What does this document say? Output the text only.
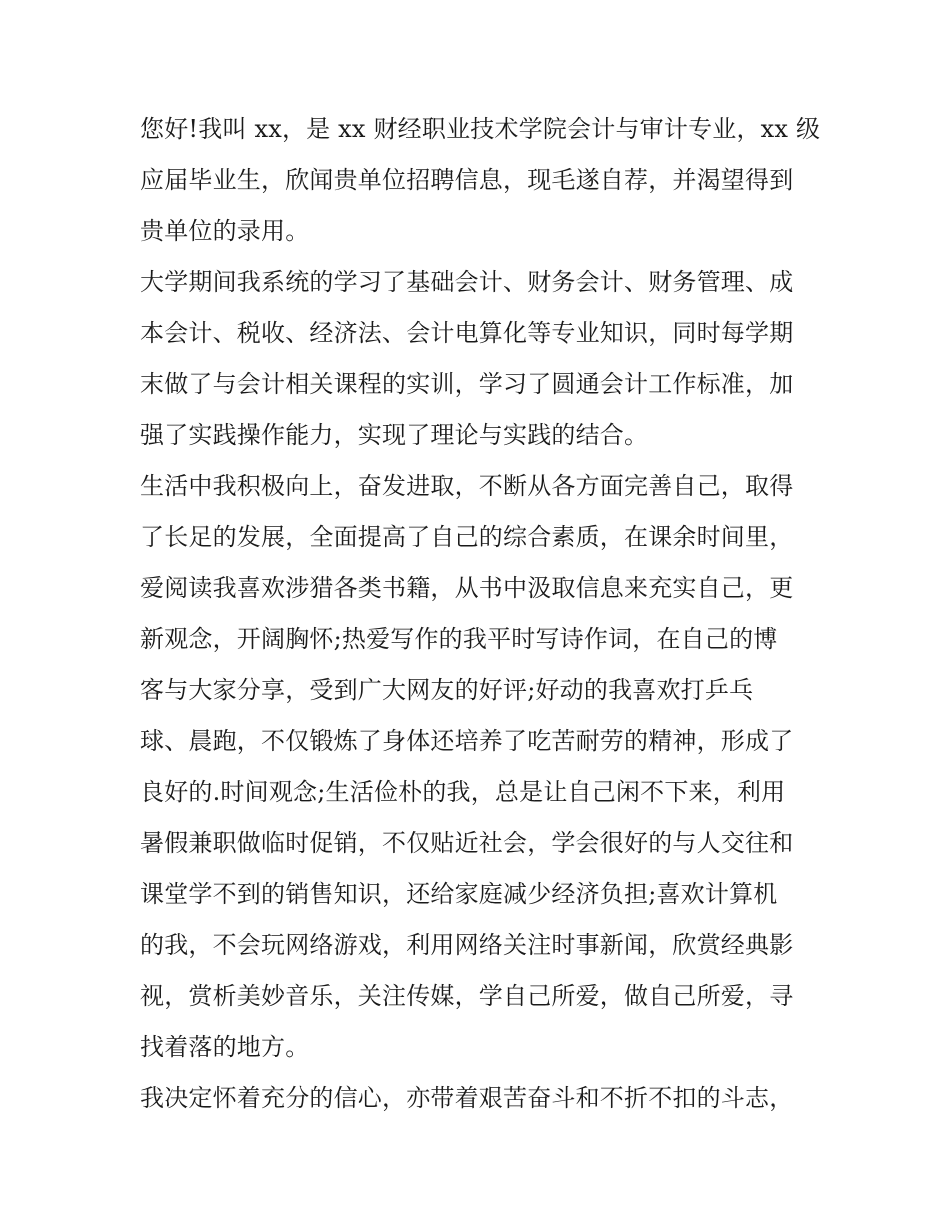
您好!我叫 xx，是 xx 财经职业技术学院会计与审计专业，xx 级
应届毕业生，欣闻贵单位招聘信息，现毛遂自荐，并渴望得到
贵单位的录用。
大学期间我系统的学习了基础会计、财务会计、财务管理、成
本会计、税收、经济法、会计电算化等专业知识，同时每学期
末做了与会计相关课程的实训，学习了圆通会计工作标准，加
强了实践操作能力，实现了理论与实践的结合。
生活中我积极向上，奋发进取，不断从各方面完善自己，取得
了长足的发展，全面提高了自己的综合素质，在课余时间里，
爱阅读我喜欢涉猎各类书籍，从书中汲取信息来充实自己，更
新观念，开阔胸怀;热爱写作的我平时写诗作词，在自己的博
客与大家分享，受到广大网友的好评;好动的我喜欢打乒乓
球、晨跑，不仅锻炼了身体还培养了吃苦耐劳的精神，形成了
良好的.时间观念;生活俭朴的我，总是让自己闲不下来，利用
暑假兼职做临时促销，不仅贴近社会，学会很好的与人交往和
课堂学不到的销售知识，还给家庭减少经济负担;喜欢计算机
的我，不会玩网络游戏，利用网络关注时事新闻，欣赏经典影
视，赏析美妙音乐，关注传媒，学自己所爱，做自己所爱，寻
找着落的地方。
我决定怀着充分的信心，亦带着艰苦奋斗和不折不扣的斗志，
